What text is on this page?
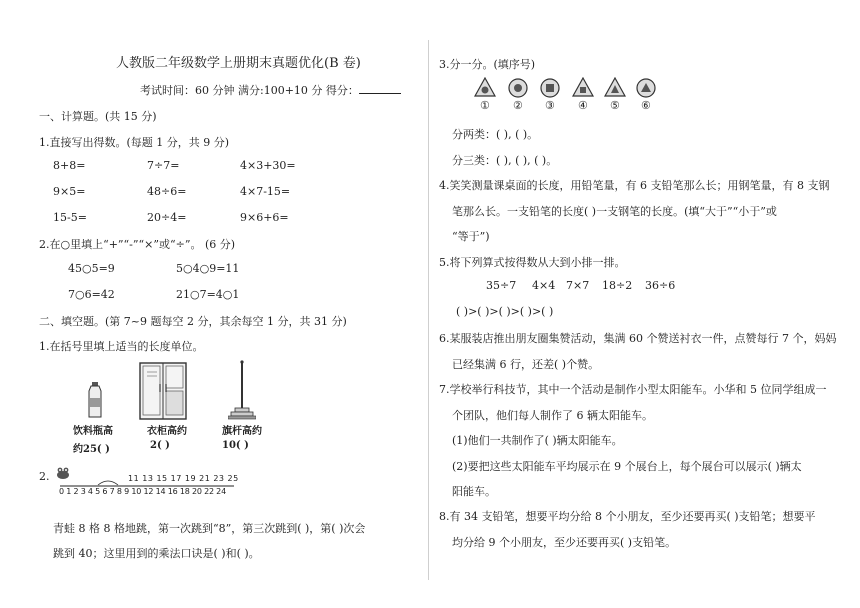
人教版二年级数学上册期末真题优化(B 卷)
考试时间：60 分钟 满分:100+10 分 得分：
一、计算题。(共 15 分)
1.直接写出得数。(每题 1 分，共 9 分)
8+8=	7÷7=	4×3+30=
9×5=	48÷6=	4×7-15=
15-5=	20÷4=	9×6+6=
2.在○里填上“+”“-”“×”或“÷”。 (6 分)
45○5=9	5○4○9=11
7○6=42	21○7=4○1
二、填空题。(第 7~9 题每空 2 分，其余每空 1 分，共 31 分)
1.在括号里填上适当的长度单位。
饮料瓶高	衣柜高约	旗杆高约
约25( )	2( )	10( )
2.	11 13 15 17 19 21 23 25
0 1 2 3 4 5 6 7 8 9 10 12 14 16 18 20 22 24
青蛙 8 格 8 格地跳，第一次跳到“8”，第三次跳到( )，第( )次会
跳到 40；这里用到的乘法口诀是( )和( )。
3.分一分。(填序号)
① ② ③ ④ ⑤ ⑥
分两类：( ), ( )。
分三类：( ), ( ), ( )。
4.笑笑测量课桌面的长度，用铅笔量，有 6 支铅笔那么长；用钢笔量，有 8 支钢
笔那么长。一支铅笔的长度( )一支钢笔的长度。(填“大于”“小于”或
“等于”)
5.将下列算式按得数从大到小排一排。
35÷7 4×4 7×7 18÷2 36÷6
( )>( )>( )>( )>( )
6.某服装店推出朋友圈集赞活动，集满 60 个赞送衬衣一件，点赞每行 7 个，妈妈
已经集满 6 行，还差( )个赞。
7.学校举行科技节，其中一个活动是制作小型太阳能车。小华和 5 位同学组成一
个团队，他们每人制作了 6 辆太阳能车。
(1)他们一共制作了( )辆太阳能车。
(2)要把这些太阳能车平均展示在 9 个展台上，每个展台可以展示( )辆太
阳能车。
8.有 34 支铅笔，想要平均分给 8 个小朋友，至少还要再买( )支铅笔；想要平
均分给 9 个小朋友，至少还要再买( )支铅笔。
